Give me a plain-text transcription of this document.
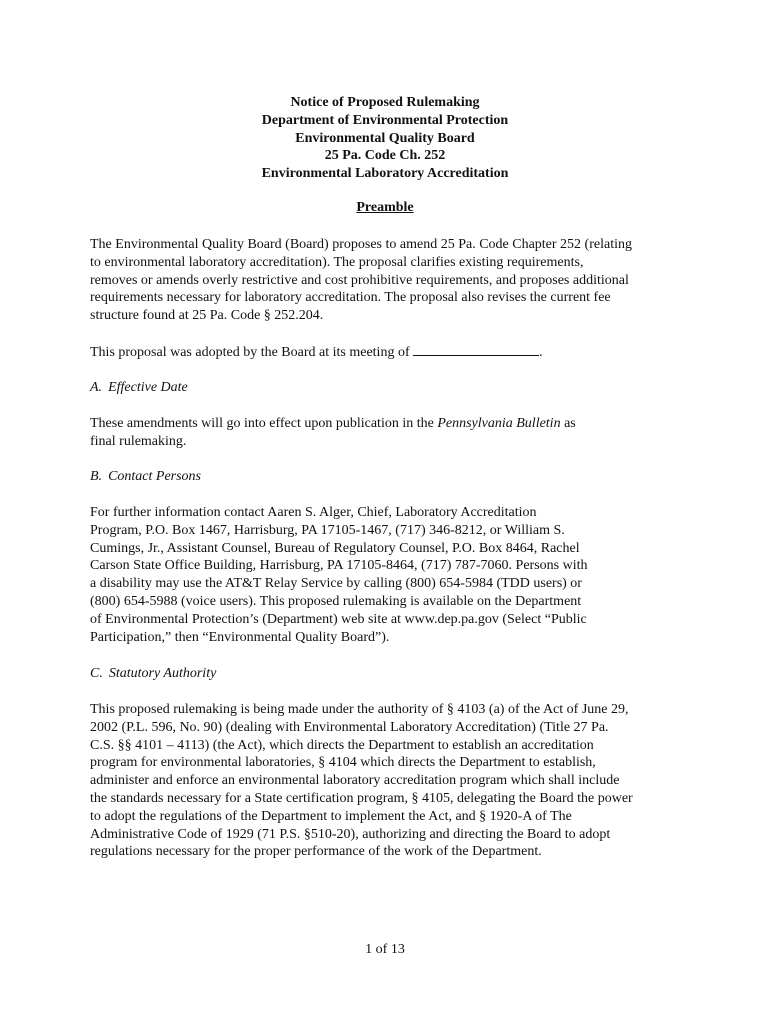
Notice of Proposed Rulemaking
Department of Environmental Protection
Environmental Quality Board
25 Pa. Code Ch. 252
Environmental Laboratory Accreditation
Preamble
The Environmental Quality Board (Board) proposes to amend 25 Pa. Code Chapter 252 (relating
to environmental laboratory accreditation). The proposal clarifies existing requirements,
removes or amends overly restrictive and cost prohibitive requirements, and proposes additional
requirements necessary for laboratory accreditation. The proposal also revises the current fee
structure found at 25 Pa. Code § 252.204.
This proposal was adopted by the Board at its meeting of	.
A. Effective Date
These amendments will go into effect upon publication in the Pennsylvania Bulletin as
final rulemaking.
B. Contact Persons
For further information contact Aaren S. Alger, Chief, Laboratory Accreditation
Program, P.O. Box 1467, Harrisburg, PA 17105-1467, (717) 346-8212, or William S.
Cumings, Jr., Assistant Counsel, Bureau of Regulatory Counsel, P.O. Box 8464, Rachel
Carson State Office Building, Harrisburg, PA 17105-8464, (717) 787-7060. Persons with
a disability may use the AT&T Relay Service by calling (800) 654-5984 (TDD users) or
(800) 654-5988 (voice users). This proposed rulemaking is available on the Department
of Environmental Protection’s (Department) web site at www.dep.pa.gov (Select “Public
Participation,” then “Environmental Quality Board”).
C. Statutory Authority
This proposed rulemaking is being made under the authority of § 4103 (a) of the Act of June 29,
2002 (P.L. 596, No. 90) (dealing with Environmental Laboratory Accreditation) (Title 27 Pa.
C.S. §§ 4101 – 4113) (the Act), which directs the Department to establish an accreditation
program for environmental laboratories, § 4104 which directs the Department to establish,
administer and enforce an environmental laboratory accreditation program which shall include
the standards necessary for a State certification program, § 4105, delegating the Board the power
to adopt the regulations of the Department to implement the Act, and § 1920-A of The
Administrative Code of 1929 (71 P.S. §510-20), authorizing and directing the Board to adopt
regulations necessary for the proper performance of the work of the Department.
1 of 13
